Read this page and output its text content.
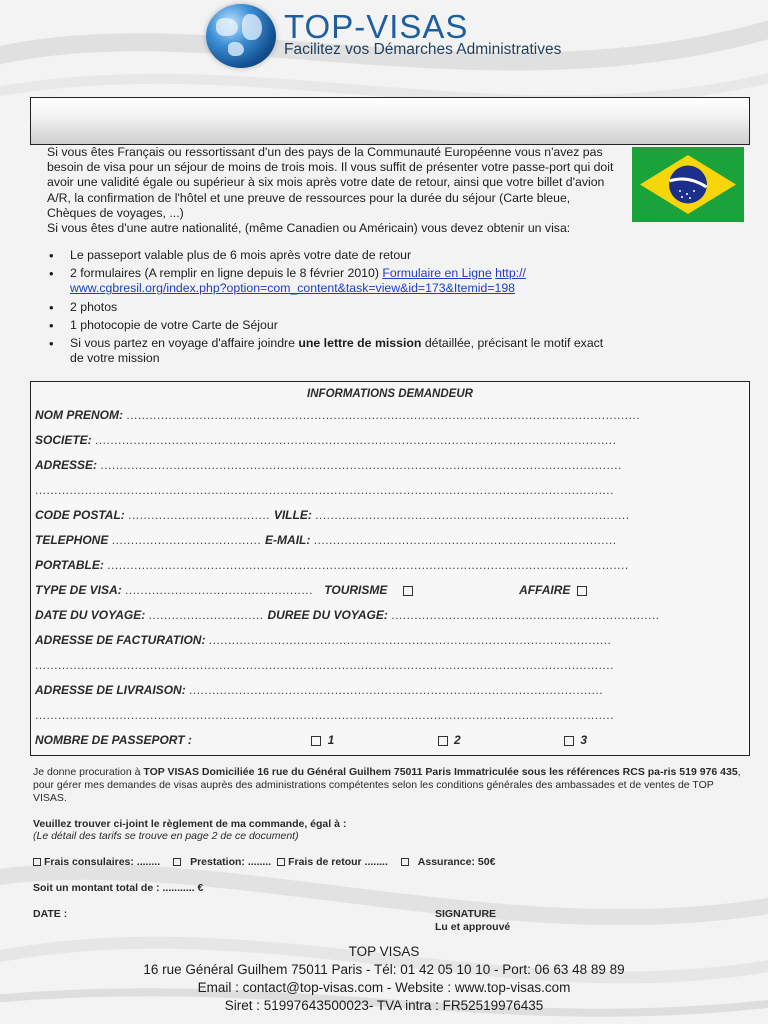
TOP-VISAS
Facilitez vos Démarches Administratives

Si vous êtes Français ou ressortissant d'un des pays de la Communauté Européenne vous n'avez pas besoin de visa pour un séjour de moins de trois mois. Il vous suffit de présenter votre passe-port qui doit avoir une validité égale ou supérieur à six mois après votre date de retour, ainsi que votre billet d'avion A/R, la confirmation de l'hôtel et une preuve de ressources pour la durée du séjour (Carte bleue, Chèques de voyages, ...)

Si vous êtes d'une autre nationalité, (même Canadien ou Américain) vous devez obtenir un visa:

• Le passeport valable plus de 6 mois après votre date de retour
• 2 formulaires (A remplir en ligne depuis le 8 février 2010) Formulaire en Ligne http:// www.cgbresil.org/index.php?option=com_content&task=view&id=173&Itemid=198
• 2 photos
• 1 photocopie de votre Carte de Séjour
• Si vous partez en voyage d'affaire joindre une lettre de mission détaillée, précisant le motif exact de votre mission
INFORMATIONS DEMANDEUR
NOM PRENOM: ......................................................................................................................................
SOCIETE: ........................................................................................................................................
ADRESSE: ........................................................................................................................................
.......................................................................................................................................................
CODE POSTAL: ..................................... VILLE: ..................................................................................
TELEPHONE ....................................... E-MAIL: ...............................................................................
PORTABLE: ........................................................................................................................................
TYPE DE VISA: ................................................. TOURISME	AFFAIRE
DATE DU VOYAGE: .............................. DUREE DU VOYAGE: ......................................................................
ADRESSE DE FACTURATION: .........................................................................................................
.......................................................................................................................................................
ADRESSE DE LIVRAISON: ............................................................................................................
.......................................................................................................................................................
NOMBRE DE PASSEPORT :	1	2	3
Je donne procuration à TOP VISAS Domiciliée 16 rue du Général Guilhem 75011 Paris Immatriculée sous les références RCS pa-ris 519 976 435, pour gérer mes demandes de visas auprès des administrations compétentes selon les conditions générales des ambassades et de ventes de TOP VISAS.
Veuillez trouver ci-joint le règlement de ma commande, égal à :
(Le détail des tarifs se trouve en page 2 de ce document)
Frais consulaires: ........	Prestation: ........ Frais de retour ........	Assurance: 50€
Soit un montant total de : ........... €
DATE :	SIGNATURE
Lu et approuvé
TOP VISAS
16 rue Général Guilhem 75011 Paris - Tél: 01 42 05 10 10 - Port: 06 63 48 89 89
Email : contact@top-visas.com - Website : www.top-visas.com
Siret : 51997643500023- TVA intra : FR52519976435
